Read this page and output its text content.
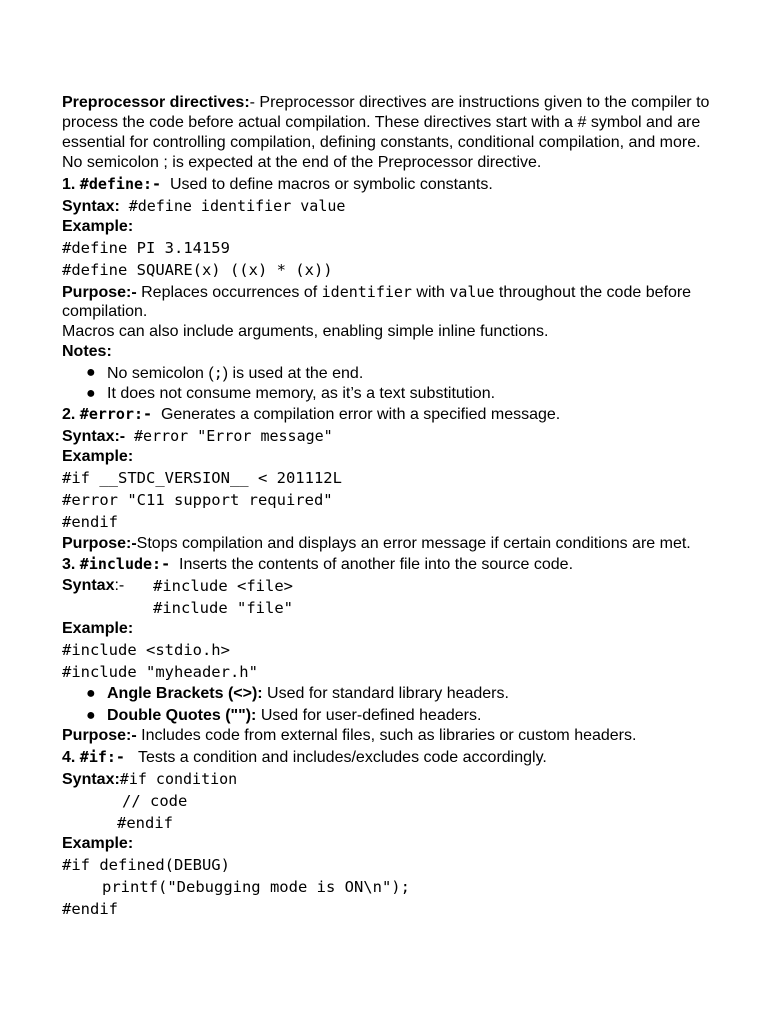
Preprocessor directives:- Preprocessor directives are instructions given to the compiler to
process the code before actual compilation. These directives start with a # symbol and are
essential for controlling compilation, defining constants, conditional compilation, and more.
No semicolon ; is expected at the end of the Preprocessor directive.
1. #define:- Used to define macros or symbolic constants.
Syntax: #define identifier value
Example:
#define PI 3.14159
#define SQUARE(x) ((x) * (x))
Purpose:- Replaces occurrences of identifier with value throughout the code before
compilation.
Macros can also include arguments, enabling simple inline functions.
Notes:
● No semicolon (;) is used at the end.
● It does not consume memory, as it’s a text substitution.
2. #error:- Generates a compilation error with a specified message.
Syntax:- #error "Error message"
Example:
#if __STDC_VERSION__ < 201112L
#error "C11 support required"
#endif
Purpose:-Stops compilation and displays an error message if certain conditions are met.
3. #include:- Inserts the contents of another file into the source code.
Syntax:-	#include <file>
#include "file"
Example:
#include <stdio.h>
#include "myheader.h"
● Angle Brackets (<>): Used for standard library headers.
● Double Quotes (""): Used for user-defined headers.
Purpose:- Includes code from external files, such as libraries or custom headers.
4. #if:- Tests a condition and includes/excludes code accordingly.
Syntax:#if condition
// code
#endif
Example:
#if defined(DEBUG)
printf("Debugging mode is ON\n");
#endif
